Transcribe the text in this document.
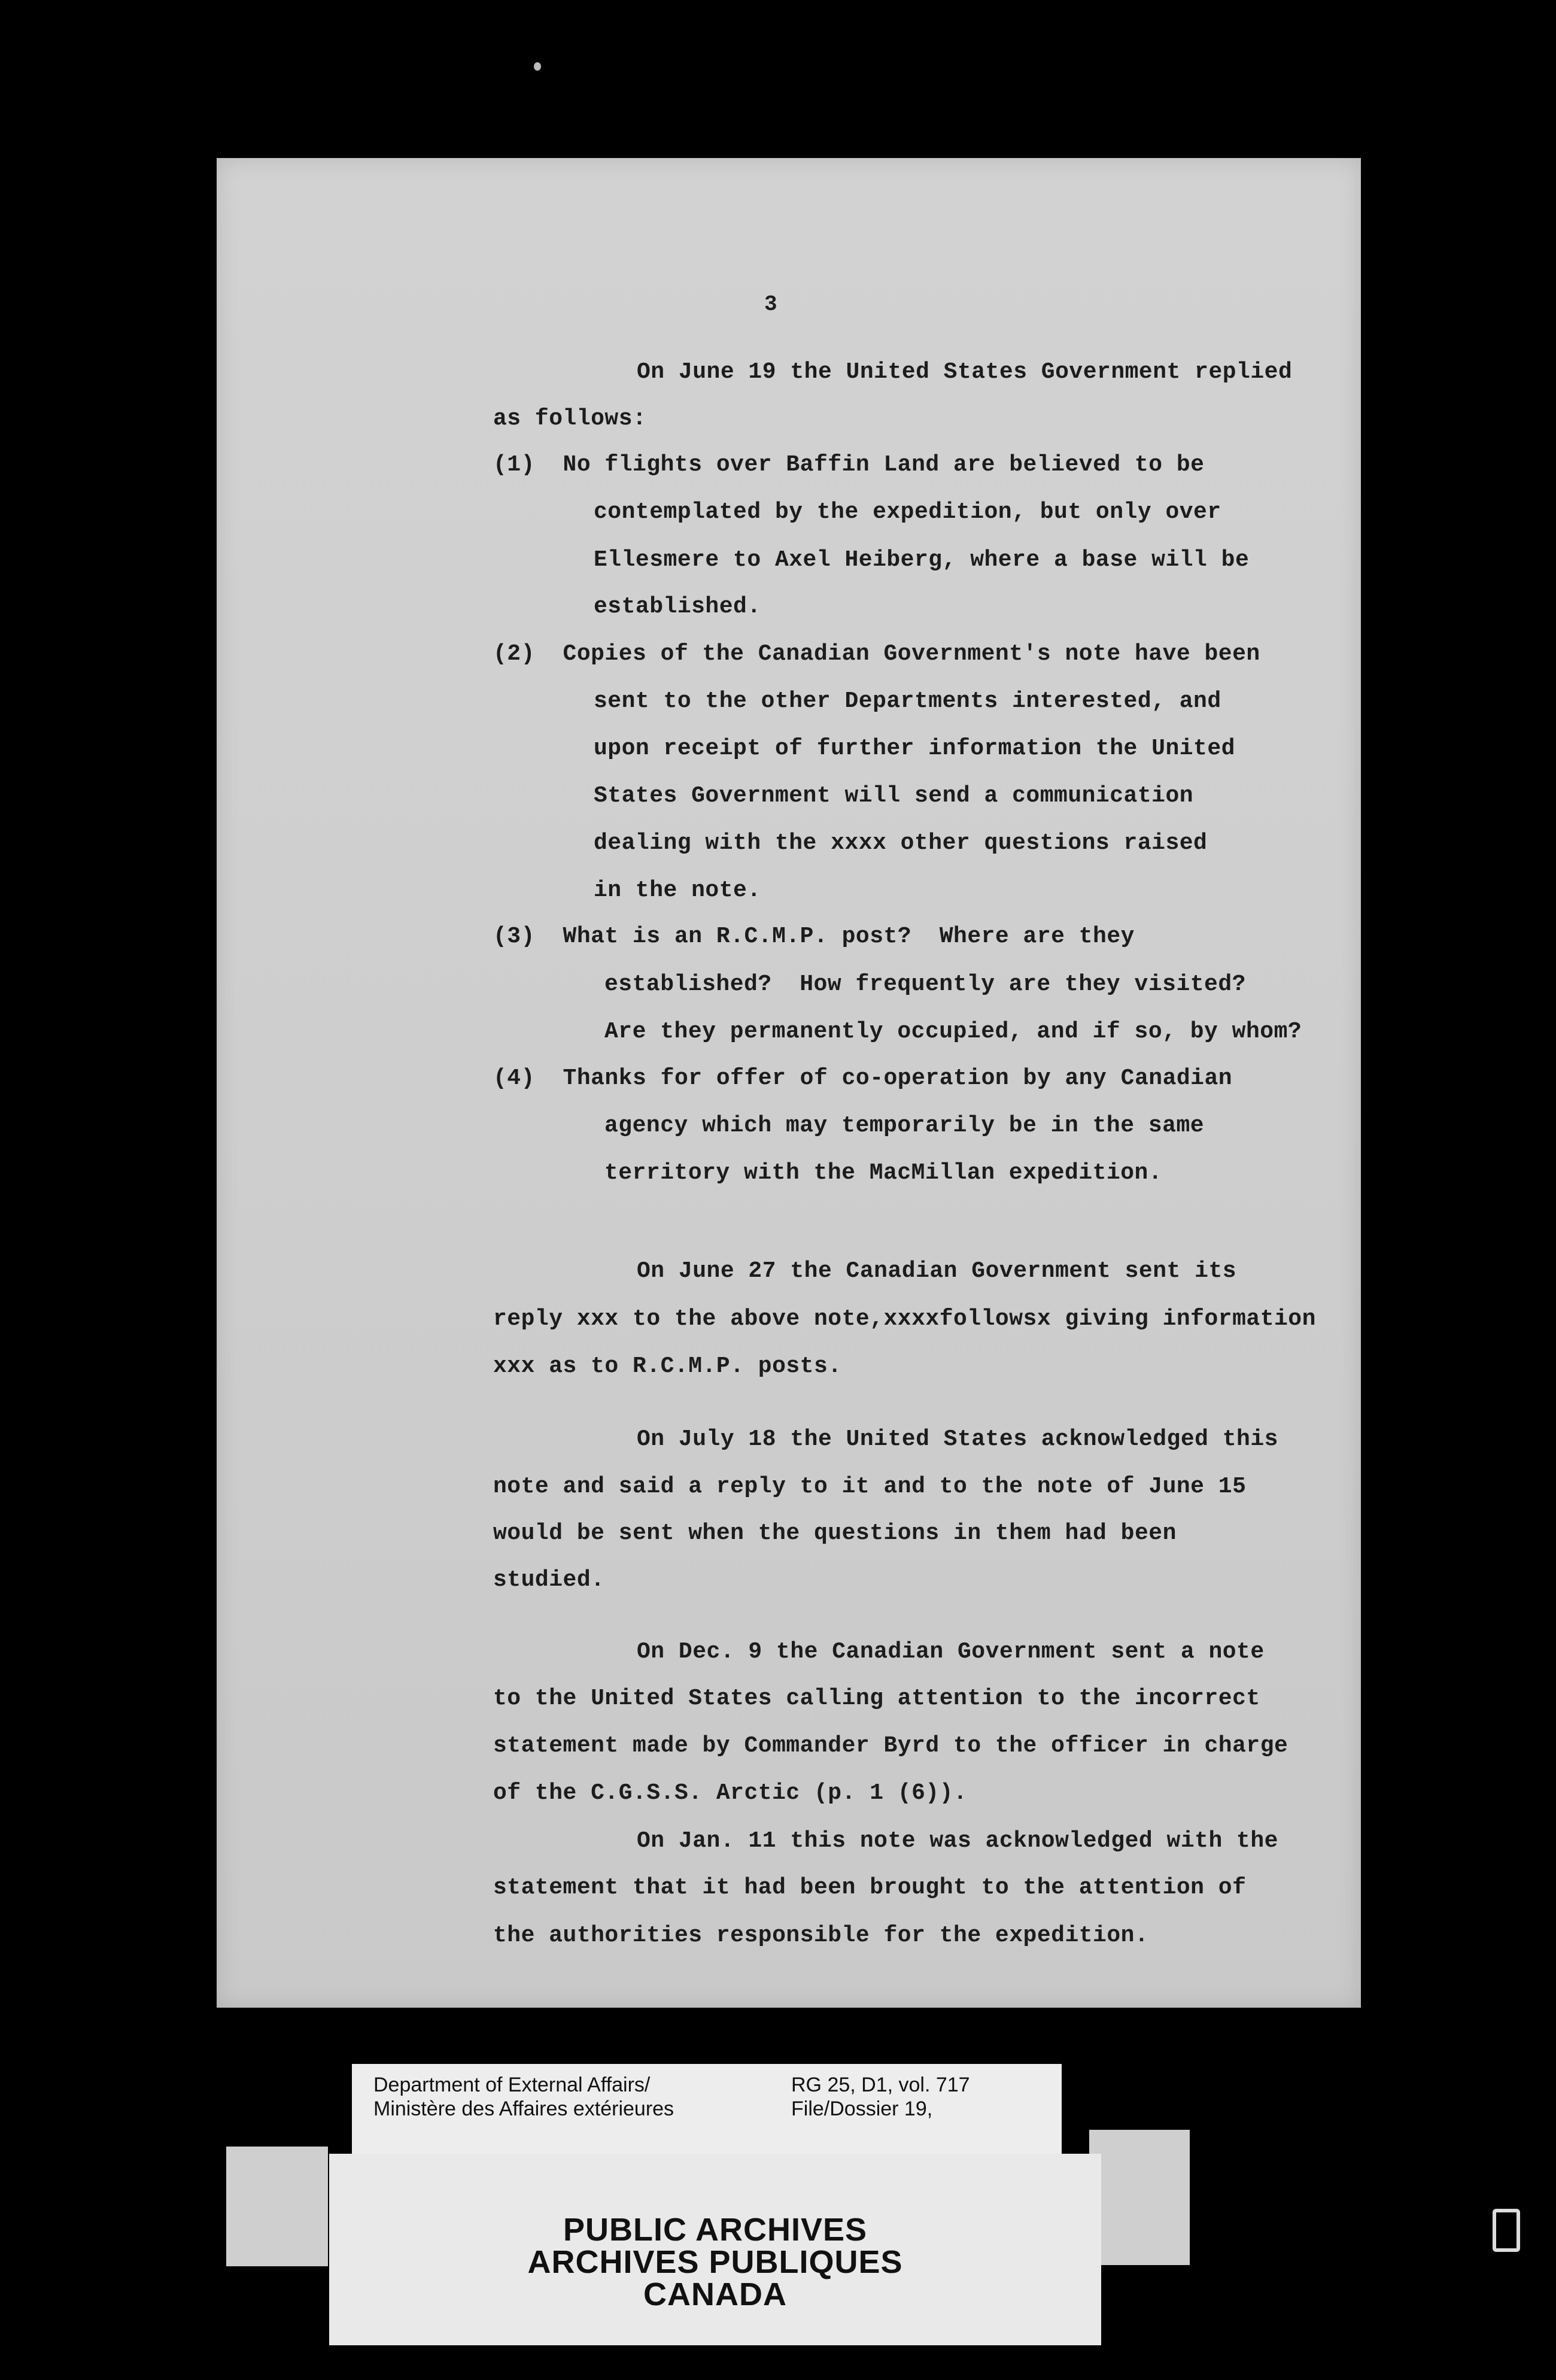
On June 19 the United States Government replied
as follows:
(1)  No flights over Baffin Land are believed to be
contemplated by the expedition, but only over
Ellesmere to Axel Heiberg, where a base will be
established.
(2)  Copies of the Canadian Government's note have been
sent to the other Departments interested, and
upon receipt of further information the United
States Government will send a communication
dealing with the xxxx other questions raised
in the note.
(3)  What is an R.C.M.P. post?  Where are they
established?  How frequently are they visited?
Are they permanently occupied, and if so, by whom?
(4)  Thanks for offer of co-operation by any Canadian
agency which may temporarily be in the same
territory with the MacMillan expedition.
On June 27 the Canadian Government sent its
reply xxx to the above note,xxxxfollowsx giving information
xxx as to R.C.M.P. posts.
On July 18 the United States acknowledged this
note and said a reply to it and to the note of June 15
would be sent when the questions in them had been
studied.
On Dec. 9 the Canadian Government sent a note
to the United States calling attention to the incorrect
statement made by Commander Byrd to the officer in charge
of the C.G.S.S. Arctic (p. 1 (6)).
On Jan. 11 this note was acknowledged with the
statement that it had been brought to the attention of
the authorities responsible for the expedition.
3
Department of External Affairs/
Ministère des Affaires extérieures
RG 25, D1, vol. 717
File/Dossier 19,
PUBLIC ARCHIVES
ARCHIVES PUBLIQUES
CANADA
